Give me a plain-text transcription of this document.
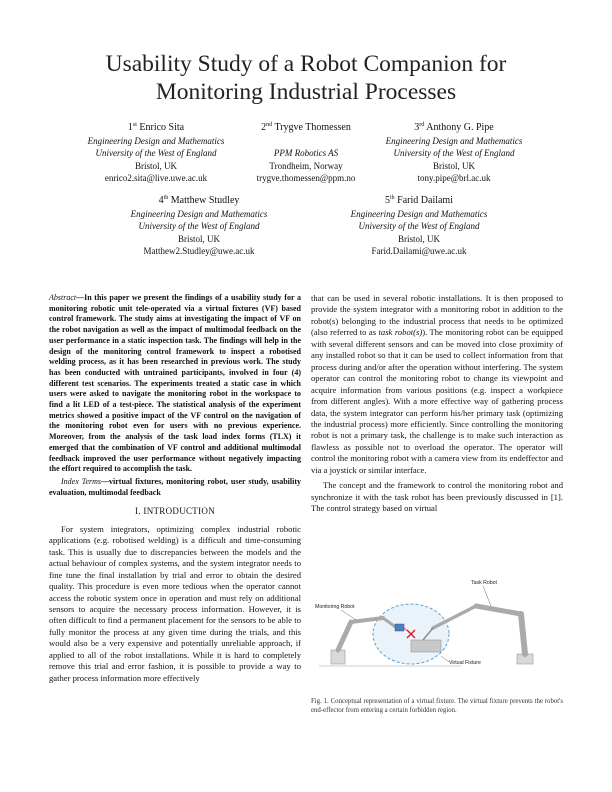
Usability Study of a Robot Companion for
Monitoring Industrial Processes
1st Enrico Sita
Engineering Design and Mathematics
University of the West of England
Bristol, UK
enrico2.sita@live.uwe.ac.uk
2nd Trygve Thomessen
PPM Robotics AS
Trondheim, Norway
trygve.thomessen@ppm.no
3rd Anthony G. Pipe
Engineering Design and Mathematics
University of the West of England
Bristol, UK
tony.pipe@brl.ac.uk
4th Matthew Studley
Engineering Design and Mathematics
University of the West of England
Bristol, UK
Matthew2.Studley@uwe.ac.uk
5th Farid Dailami
Engineering Design and Mathematics
University of the West of England
Bristol, UK
Farid.Dailami@uwe.ac.uk

Abstract—In this paper we present the findings of a usability study for a monitoring robotic unit tele-operated via a virtual fixtures (VF) based control framework. The study aims at investigating the impact of VF on the robot navigation as well as the impact of multimodal feedback on the user performance in a static inspection task. The findings will help in the design of the monitoring control framework to inspect a robotised welding process, as it has been researched in previous work. The study has been conducted with untrained participants, involved in four (4) different test scenarios. The experiments treated a static case in which users were asked to navigate the monitoring robot in the workspace to find a lit LED of a test-piece. The statistical analysis of the experiment metrics showed a positive impact of the VF control on the navigation of the monitoring robot even for users with no previous experience. Moreover, from the analysis of the task load index forms (TLX) it emerged that the combination of VF control and additional multimodal feedback improved the user performance without negatively impacting the effort required to accomplish the task.

Index Terms—virtual fixtures, monitoring robot, user study, usability evaluation, multimodal feedback

I. INTRODUCTION

For system integrators, optimizing complex industrial robotic applications (e.g. robotised welding) is a difficult and time-consuming task. This is usually due to discrepancies between the models and the actual behaviour of complex systems, and the system integrator needs to fine tune the final installation by trial and error to obtain the desired quality. This procedure is even more tedious when the operator cannot access the robotic system once in operation and must rely on additional sensors to acquire the necessary process information. However, it is often difficult to find a permanent placement for the sensors to be able to fully monitor the process at any given time during the trials, and this would also be a very expensive and potentially unreliable approach, if applied to all of the robot installations. While it is hard to completely remove this trial and error fashion, it is possible to provide a way to gather process information more effectively

that can be used in several robotic installations. It is then proposed to provide the system integrator with a monitoring robot in addition to the robot(s) belonging to the industrial process that needs to be optimized (also referred to as task robot(s)). The monitoring robot can be equipped with several different sensors and can be moved into close proximity of any installed robot so that it can be used to collect information from that process during and/or after the operation without interfering. The system operator can control the monitoring robot to change its viewpoint and acquire information from various positions (e.g. inspect a workpiece from different angles). With a more effective way of gathering process data, the system integrator can perform his/her primary task (optimizing the industrial process) more efficiently. Since controlling the monitoring robot is not a primary task, the challenge is to make such interaction as flawless as possible not to overload the operator. The operator will control the monitoring robot with a camera view from its endeffector and via a joystick or similar interface.

The concept and the framework to control the monitoring robot and synchronize it with the task robot has been previously discussed in [1]. The control strategy based on virtual

Monitoring Robot
Task Robot
Virtual Fixture
Fig. 1. Conceptual representation of a virtual fixture. The virtual fixture prevents the robot's end-effector from entering a certain forbidden region.
